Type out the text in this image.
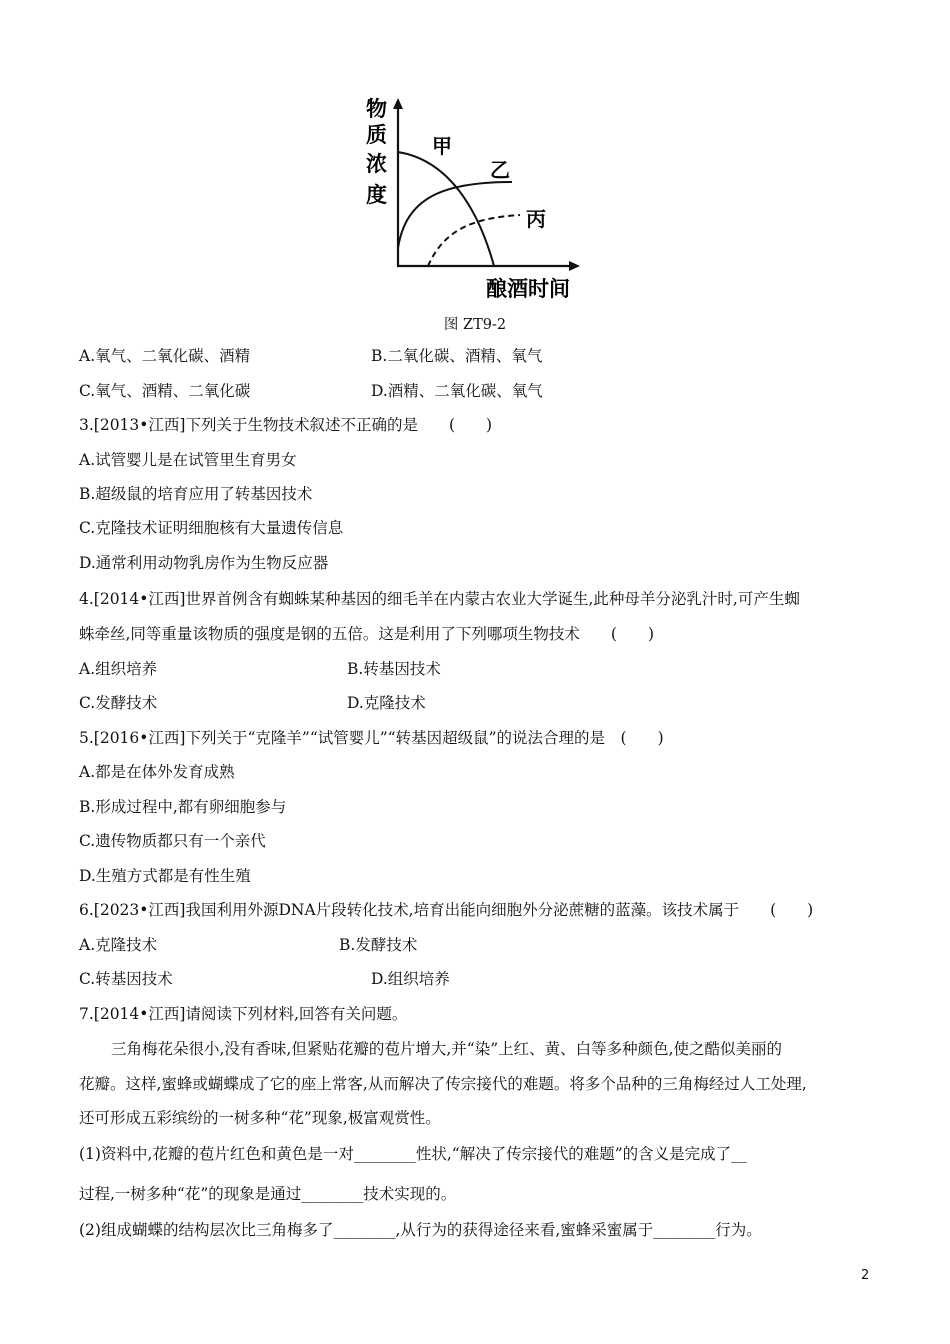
物
质
浓
度
甲
乙
丙
酿酒时间
图 ZT9-2
A.氧气、二氧化碳、酒精	B.二氧化碳、酒精、氧气
C.氧气、酒精、二氧化碳	D.酒精、二氧化碳、氧气
3.[2013•江西]下列关于生物技术叙述不正确的是　　(　　)
A.试管婴儿是在试管里生育男女
B.超级鼠的培育应用了转基因技术
C.克隆技术证明细胞核有大量遗传信息
D.通常利用动物乳房作为生物反应器
4.[2014•江西]世界首例含有蜘蛛某种基因的细毛羊在内蒙古农业大学诞生,此种母羊分泌乳汁时,可产生蜘
蛛牵丝,同等重量该物质的强度是钢的五倍。这是利用了下列哪项生物技术　　(　　)
A.组织培养	B.转基因技术
C.发酵技术	D.克隆技术
5.[2016•江西]下列关于“克隆羊”“试管婴儿”“转基因超级鼠”的说法合理的是　(　　)
A.都是在体外发育成熟
B.形成过程中,都有卵细胞参与
C.遗传物质都只有一个亲代
D.生殖方式都是有性生殖
6.[2023•江西]我国利用外源DNA片段转化技术,培育出能向细胞外分泌蔗糖的蓝藻。该技术属于　　(　　)
A.克隆技术	B.发酵技术
C.转基因技术	D.组织培养
7.[2014•江西]请阅读下列材料,回答有关问题。
三角梅花朵很小,没有香味,但紧贴花瓣的苞片增大,并“染”上红、黄、白等多种颜色,使之酷似美丽的
花瓣。这样,蜜蜂或蝴蝶成了它的座上常客,从而解决了传宗接代的难题。将多个品种的三角梅经过人工处理,
还可形成五彩缤纷的一树多种“花”现象,极富观赏性。
(1)资料中,花瓣的苞片红色和黄色是一对________性状,“解决了传宗接代的难题”的含义是完成了__
过程,一树多种“花”的现象是通过________技术实现的。
(2)组成蝴蝶的结构层次比三角梅多了________,从行为的获得途径来看,蜜蜂采蜜属于________行为。
2
